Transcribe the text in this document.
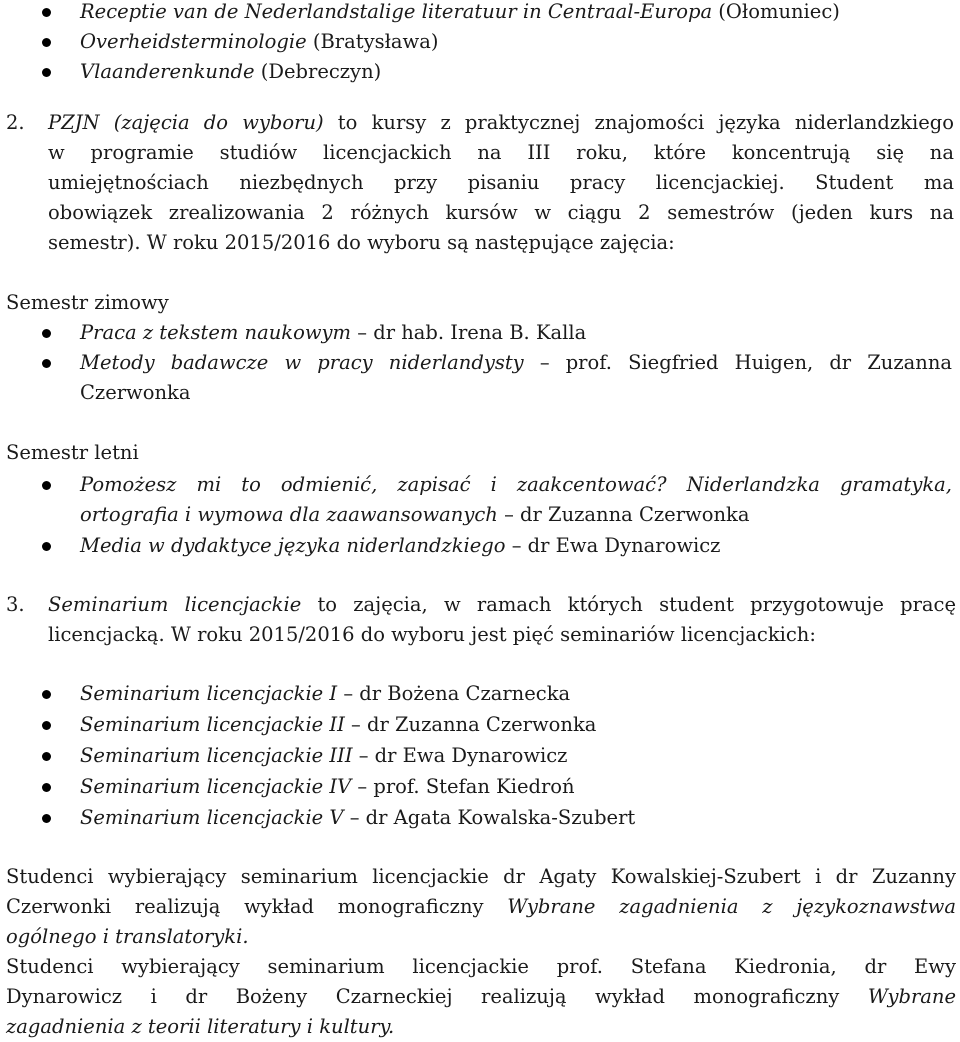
Receptie van de Nederlandstalige literatuur in Centraal-Europa (Ołomuniec)
Overheidsterminologie (Bratysława)
Vlaanderenkunde (Debreczyn)
2. PZJN (zajęcia do wyboru) to kursy z praktycznej znajomości języka niderlandzkiego
w programie studiów licencjackich na III roku, które koncentrują się na
umiejętnościach niezbędnych przy pisaniu pracy licencjackiej. Student ma
obowiązek zrealizowania 2 różnych kursów w ciągu 2 semestrów (jeden kurs na
semestr). W roku 2015/2016 do wyboru są następujące zajęcia:
Semestr zimowy
Praca z tekstem naukowym – dr hab. Irena B. Kalla
Metody badawcze w pracy niderlandysty – prof. Siegfried Huigen, dr Zuzanna
Czerwonka
Semestr letni
Pomożesz mi to odmienić, zapisać i zaakcentować? Niderlandzka gramatyka,
ortografia i wymowa dla zaawansowanych – dr Zuzanna Czerwonka
Media w dydaktyce języka niderlandzkiego – dr Ewa Dynarowicz
3. Seminarium licencjackie to zajęcia, w ramach których student przygotowuje pracę
licencjacką. W roku 2015/2016 do wyboru jest pięć seminariów licencjackich:
Seminarium licencjackie I – dr Bożena Czarnecka
Seminarium licencjackie II – dr Zuzanna Czerwonka
Seminarium licencjackie III – dr Ewa Dynarowicz
Seminarium licencjackie IV – prof. Stefan Kiedroń
Seminarium licencjackie V – dr Agata Kowalska-Szubert
Studenci wybierający seminarium licencjackie dr Agaty Kowalskiej-Szubert i dr Zuzanny
Czerwonki realizują wykład monograficzny Wybrane zagadnienia z językoznawstwa
ogólnego i translatoryki.
Studenci wybierający seminarium licencjackie prof. Stefana Kiedronia, dr Ewy
Dynarowicz i dr Bożeny Czarneckiej realizują wykład monograficzny Wybrane
zagadnienia z teorii literatury i kultury.
